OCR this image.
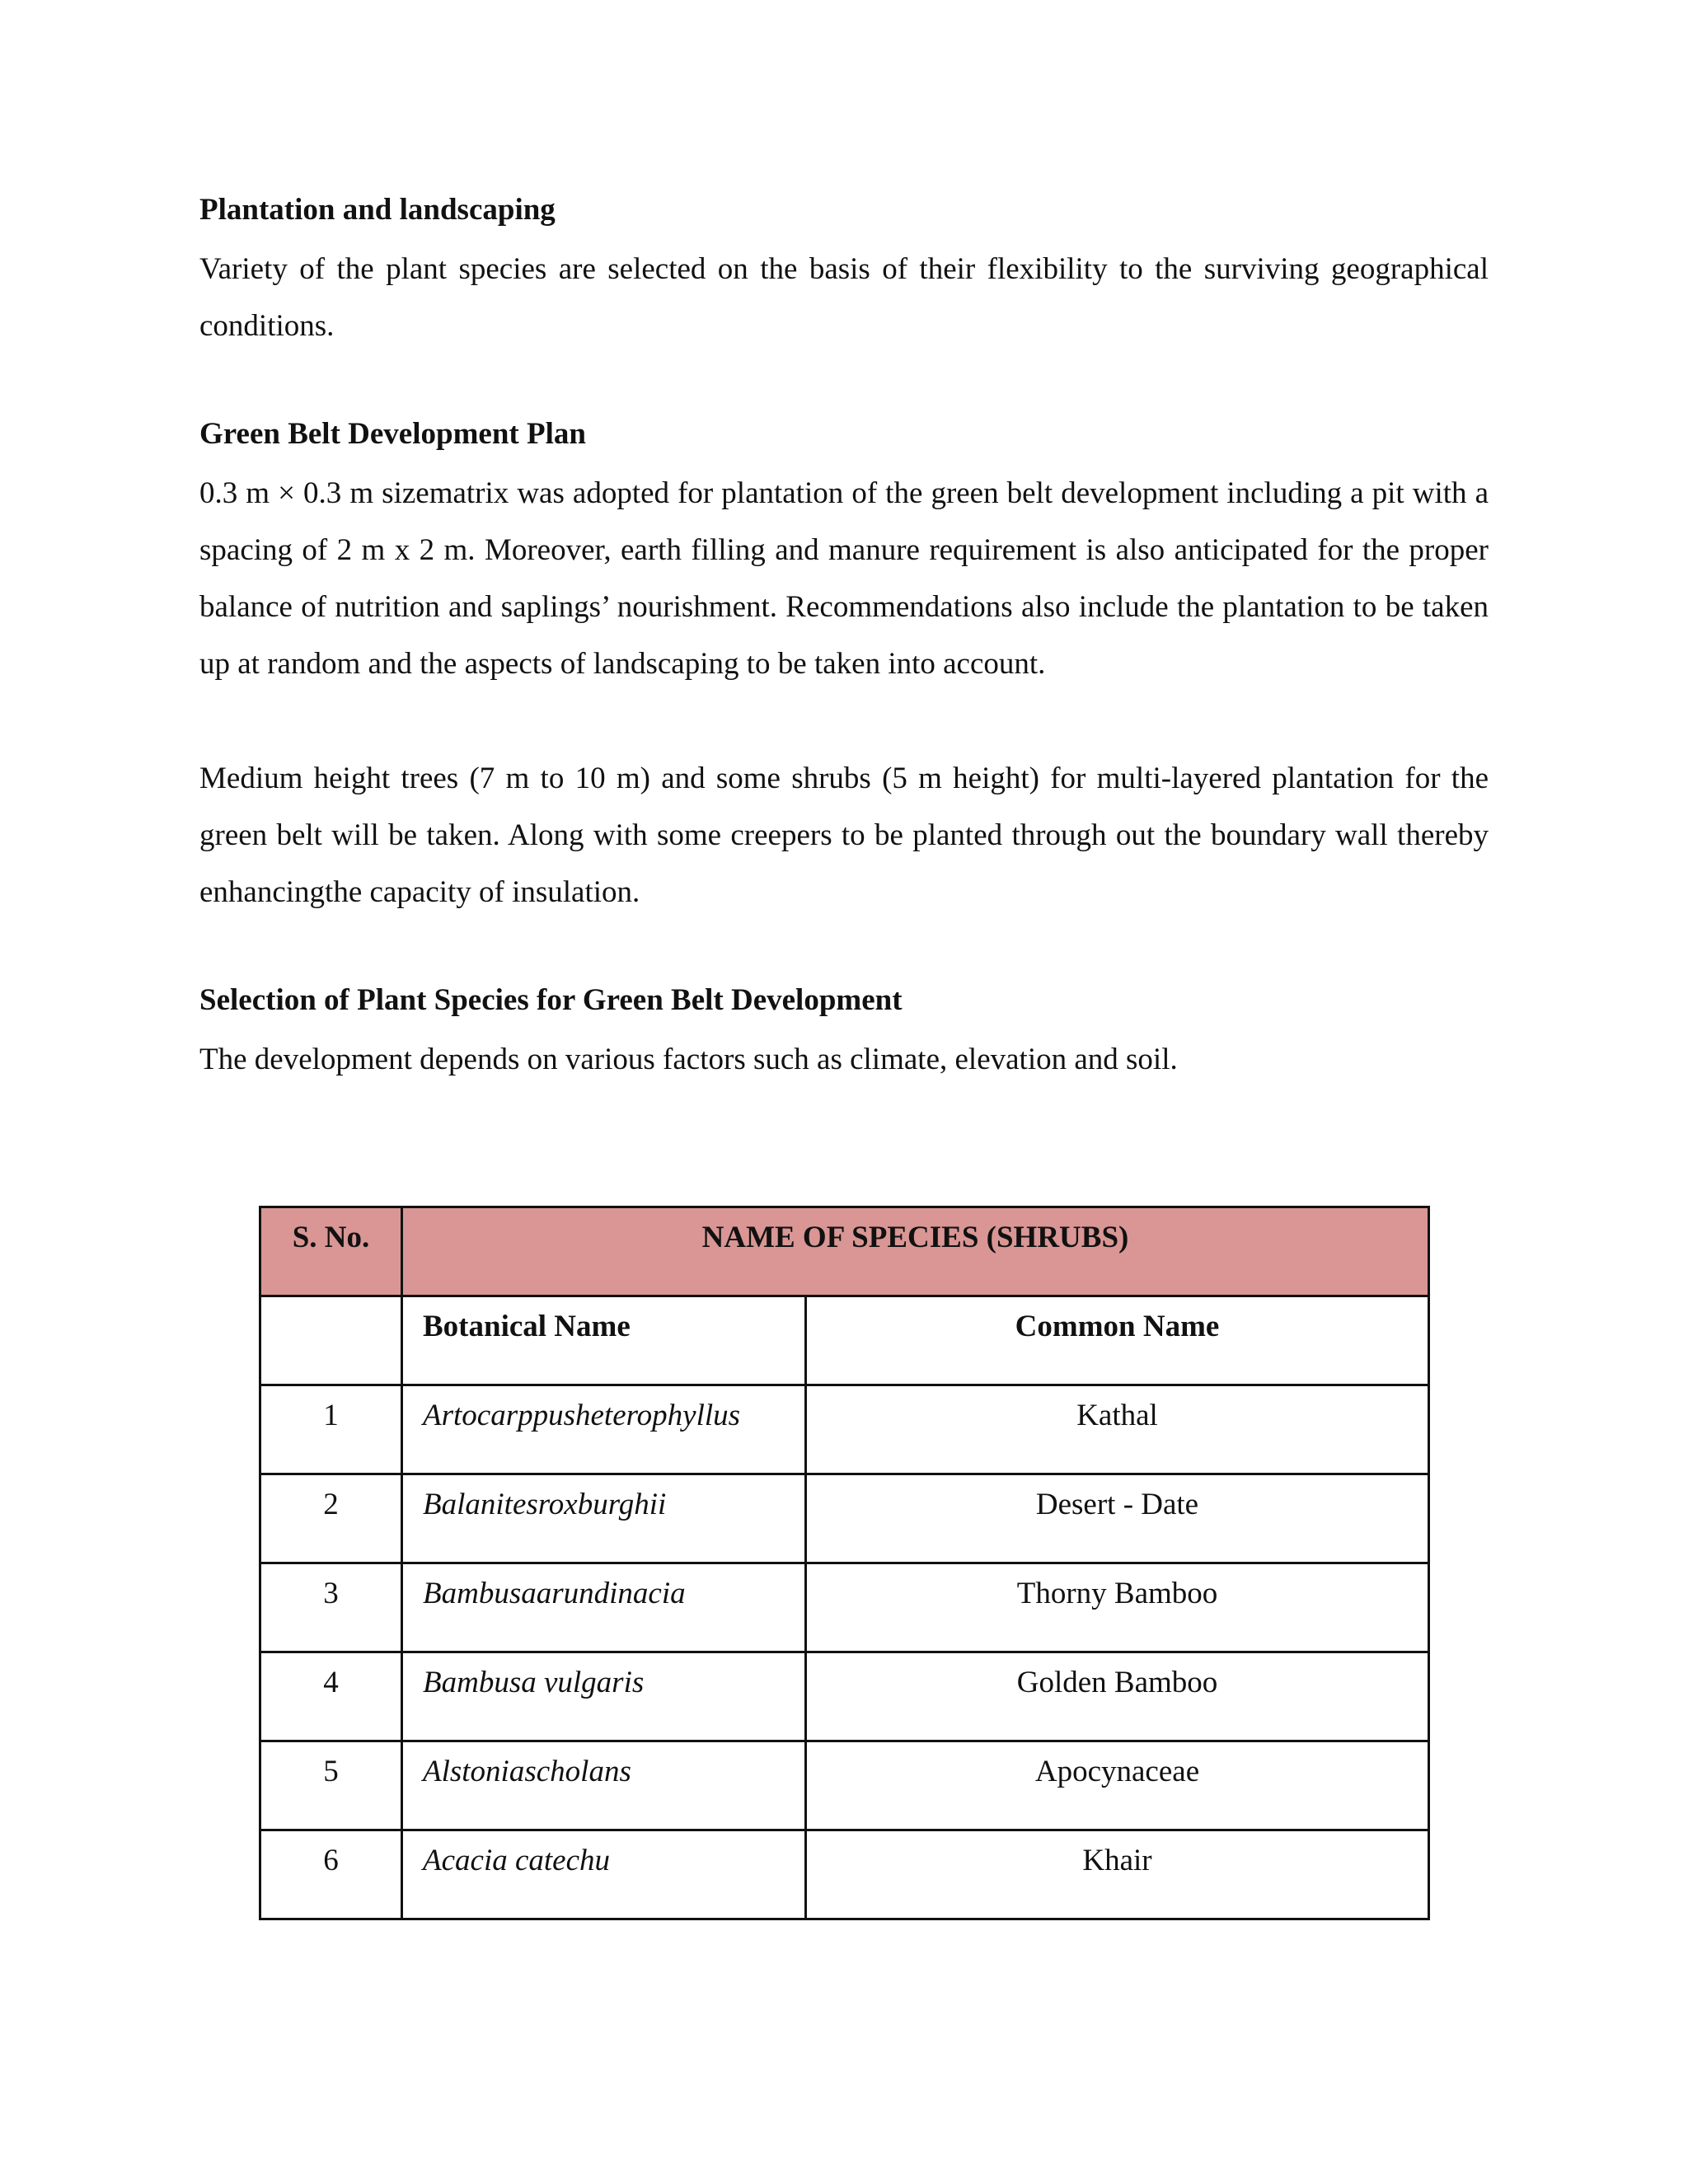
Plantation and landscaping

Variety of the plant species are selected on the basis of their flexibility to the surviving geographical conditions.

Green Belt Development Plan

0.3 m × 0.3 m sizematrix was adopted for plantation of the green belt development including a pit with a spacing of 2 m x 2 m. Moreover, earth filling and manure requirement is also anticipated for the proper balance of nutrition and saplings’ nourishment. Recommendations also include the plantation to be taken up at random and the aspects of landscaping to be taken into account.

Medium height trees (7 m to 10 m) and some shrubs (5 m height) for multi-layered plantation for the green belt will be taken. Along with some creepers to be planted through out the boundary wall thereby enhancingthe capacity of insulation.

Selection of Plant Species for Green Belt Development

The development depends on various factors such as climate, elevation and soil.

S. No.	NAME OF SPECIES (SHRUBS)	
	Botanical Name	Common Name
1	Artocarppusheterophyllus	Kathal
2	Balanitesroxburghii	Desert - Date
3	Bambusaarundinacia	Thorny Bamboo
4	Bambusa vulgaris	Golden Bamboo
5	Alstoniascholans	Apocynaceae
6	Acacia catechu	Khair
